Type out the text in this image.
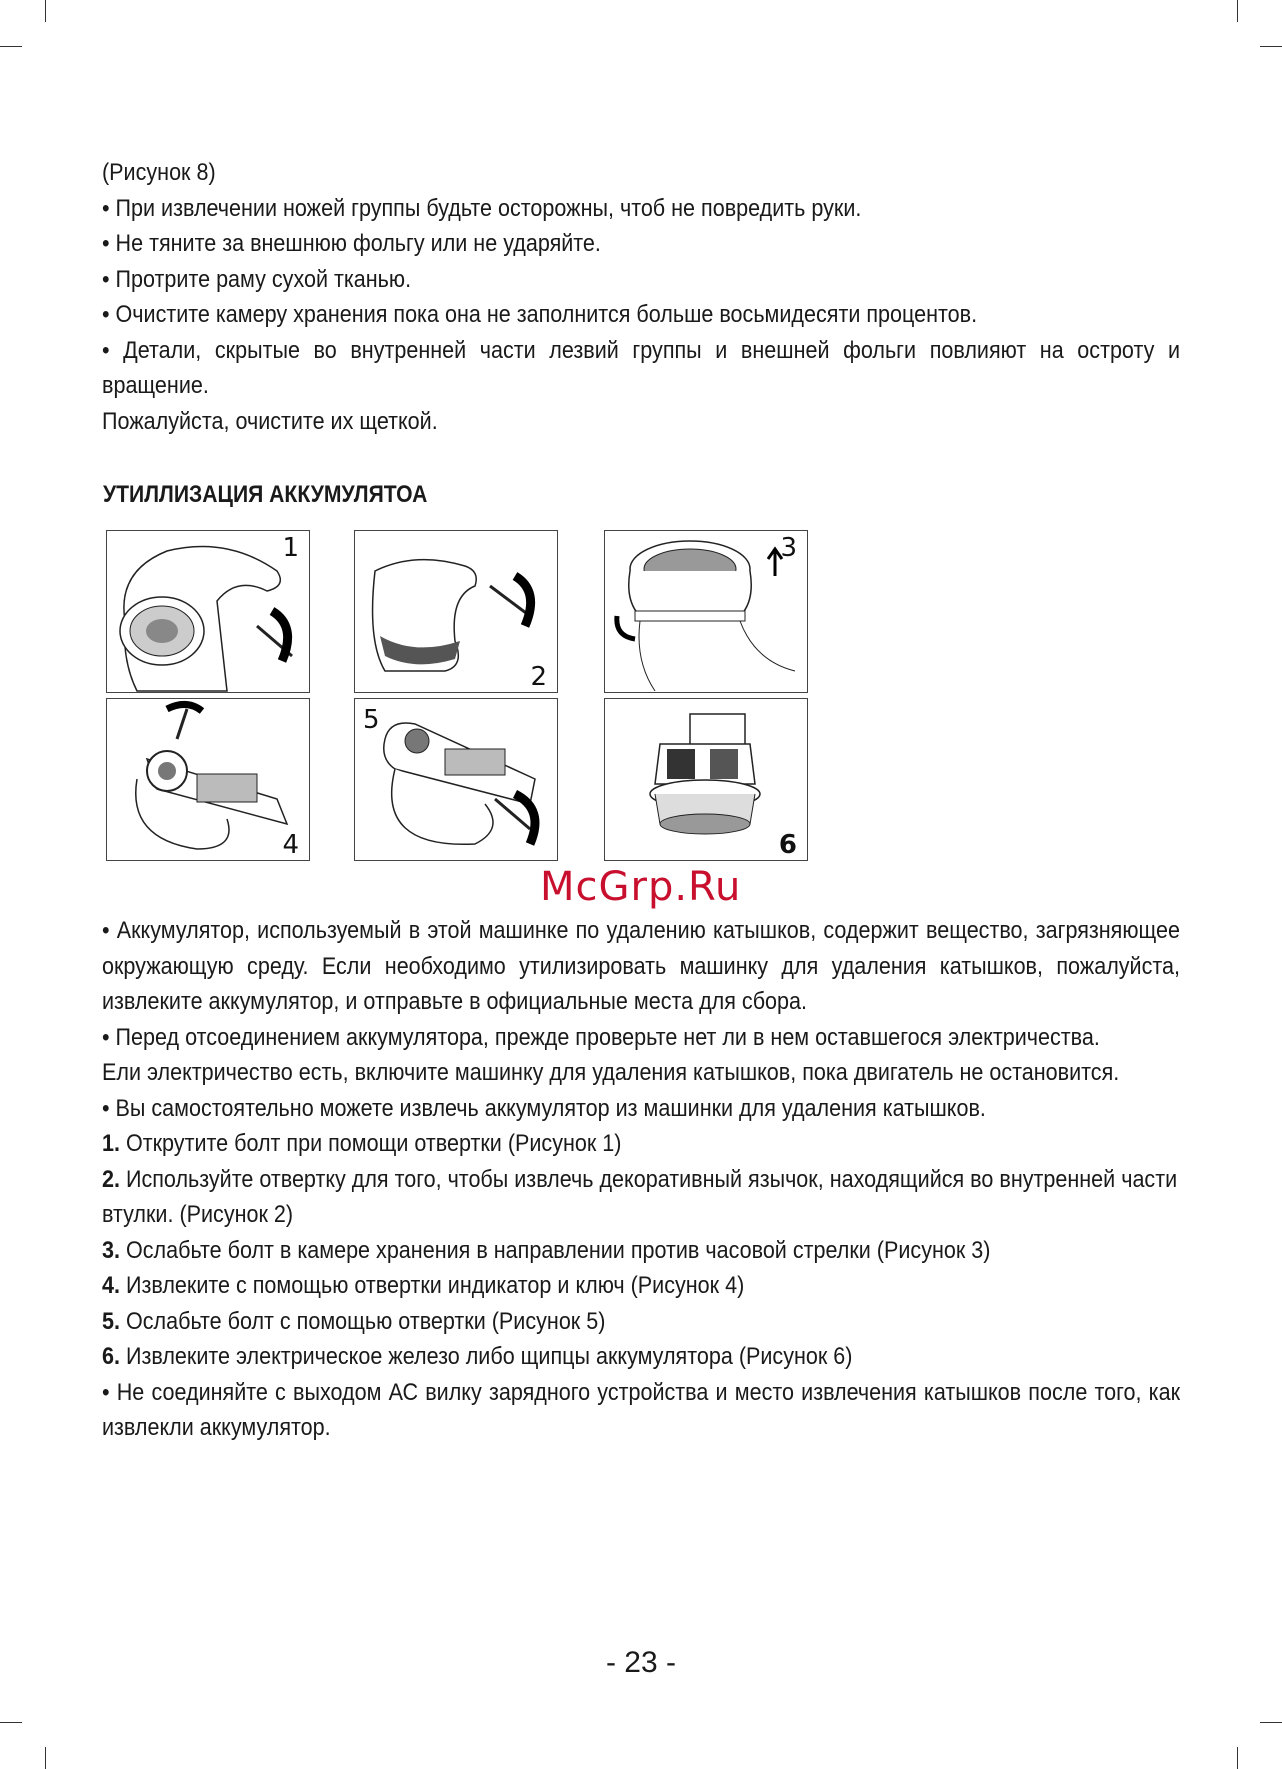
(Рисунок 8)

• При извлечении ножей группы будьте осторожны, чтоб не повредить руки.

• Не тяните за внешнюю фольгу или не ударяйте.

• Протрите раму сухой тканью.

• Очистите камеру хранения пока она не заполнится больше восьмидесяти процентов.

• Детали, скрытые во внутренней части лезвий группы и внешней фольги повлияют на остроту и вращение.

Пожалуйста, очистите их щеткой.

УТИЛЛИЗАЦИЯ АККУМУЛЯТОА
1
2
3
4
5
6
McGrp.Ru

• Аккумулятор, используемый в этой машинке по удалению катышков, содержит вещество, загрязняющее окружающую среду. Если необходимо утилизировать машинку для удаления катышков, пожалуйста, извлеките аккумулятор, и отправьте в официальные места для сбора.

• Перед отсоединением аккумулятора, прежде проверьте нет ли в нем оставшегося электричества.

Ели электричество есть, включите машинку для удаления катышков, пока двигатель не остановится.

• Вы самостоятельно можете извлечь аккумулятор из машинки для удаления катышков.

1. Открутите болт при помощи отвертки (Рисунок 1)

2. Используйте отвертку для того, чтобы извлечь декоративный язычок, находящийся во внутренней части втулки. (Рисунок 2)

3. Ослабьте болт в камере хранения в направлении против часовой стрелки (Рисунок 3)

4. Извлеките с помощью отвертки индикатор и ключ (Рисунок 4)

5. Ослабьте болт с помощью отвертки (Рисунок 5)

6. Извлеките электрическое железо либо щипцы аккумулятора (Рисунок 6)

• Не соединяйте с выходом АС вилку зарядного устройства и место извлечения катышков после того, как извлекли аккумулятор.

- 23 -
